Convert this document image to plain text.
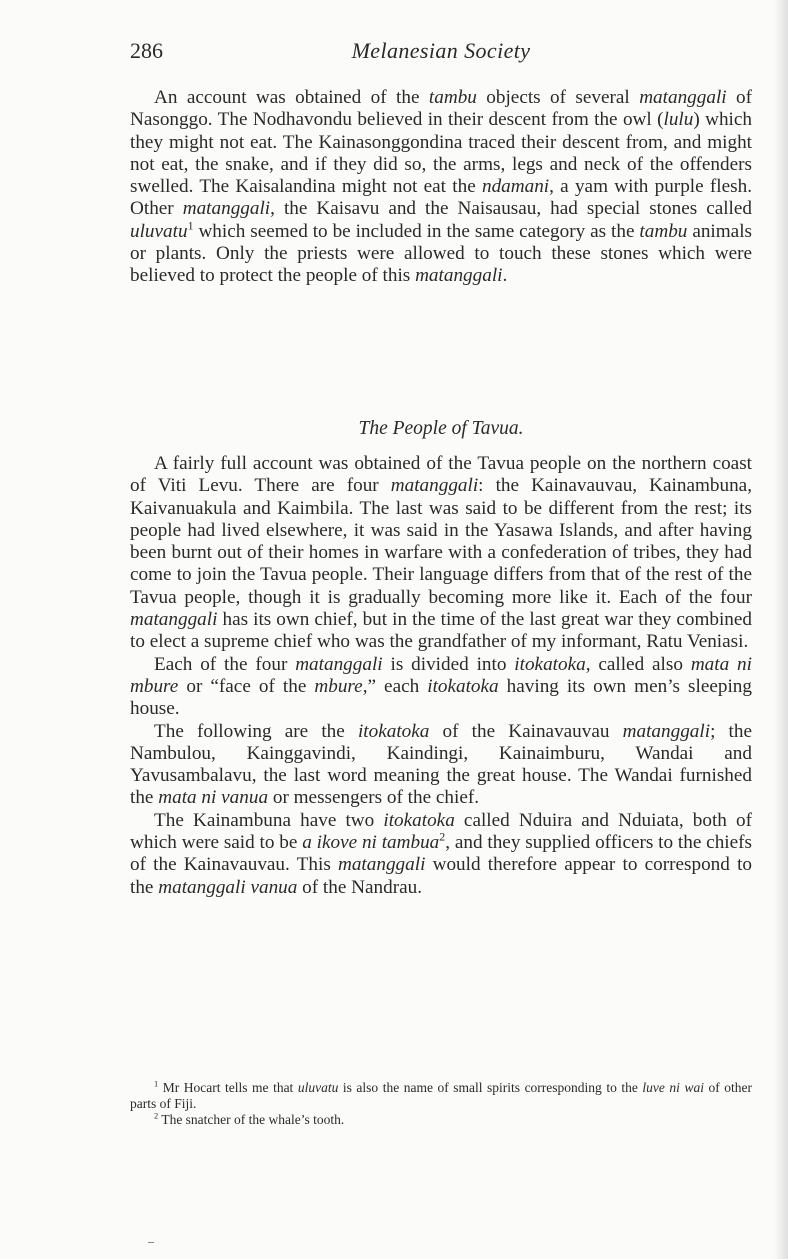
286	Melanesian Society

An account was obtained of the tambu objects of several matanggali of Nasonggo. The Nodhavondu believed in their descent from the owl (lulu) which they might not eat. The Kainasonggondina traced their descent from, and might not eat, the snake, and if they did so, the arms, legs and neck of the offenders swelled. The Kaisalandina might not eat the ndamani, a yam with purple flesh. Other matanggali, the Kaisavu and the Naisausau, had special stones called uluvatu$^1$ which seemed to be included in the same category as the tambu animals or plants. Only the priests were allowed to touch these stones which were believed to protect the people of this matanggali.

The People of Tavua.

A fairly full account was obtained of the Tavua people on the northern coast of Viti Levu. There are four matanggali: the Kainavauvau, Kainambuna, Kaivanuakula and Kaimbila. The last was said to be different from the rest; its people had lived elsewhere, it was said in the Yasawa Islands, and after having been burnt out of their homes in warfare with a confederation of tribes, they had come to join the Tavua people. Their language differs from that of the rest of the Tavua people, though it is gradually becoming more like it. Each of the four matanggali has its own chief, but in the time of the last great war they combined to elect a supreme chief who was the grandfather of my informant, Ratu Veniasi.

Each of the four matanggali is divided into itokatoka, called also mata ni mbure or “face of the mbure,” each itokatoka having its own men’s sleeping house.

The following are the itokatoka of the Kainavauvau matanggali; the Nambulou, Kainggavindi, Kaindingi, Kainaimburu, Wandai and Yavusambalavu, the last word meaning the great house. The Wandai furnished the mata ni vanua or messengers of the chief.

The Kainambuna have two itokatoka called Nduira and Nduiata, both of which were said to be a ikove ni tambua$^2$, and they supplied officers to the chiefs of the Kainavauvau. This matanggali would therefore appear to correspond to the matanggali vanua of the Nandrau.

$^1$ Mr Hocart tells me that uluvatu is also the name of small spirits corresponding to the luve ni wai of other parts of Fiji.

$^2$ The snatcher of the whale’s tooth.
